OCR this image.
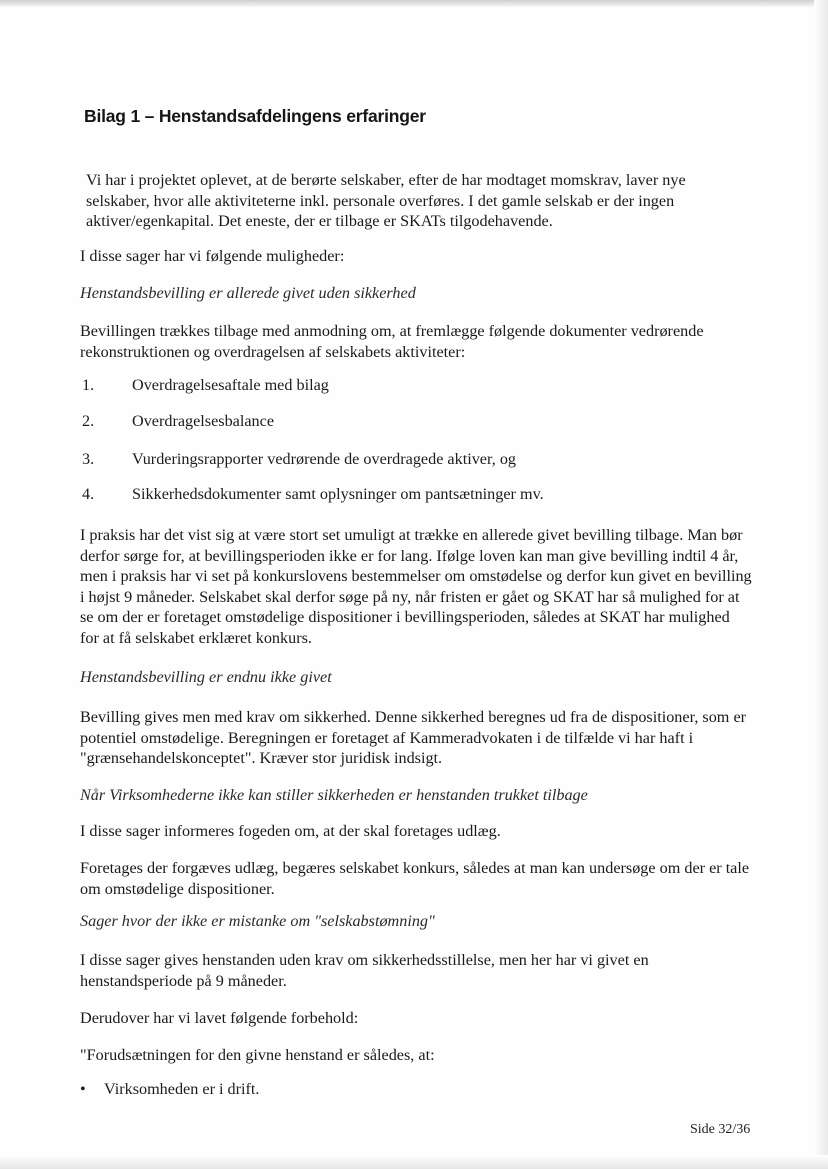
Bilag 1 – Henstandsafdelingens erfaringer

Vi har i projektet oplevet, at de berørte selskaber, efter de har modtaget momskrav, laver nye selskaber, hvor alle aktiviteterne inkl. personale overføres. I det gamle selskab er der ingen aktiver/egenkapital. Det eneste, der er tilbage er SKATs tilgodehavende.

I disse sager har vi følgende muligheder:

Henstandsbevilling er allerede givet uden sikkerhed

Bevillingen trækkes tilbage med anmodning om, at fremlægge følgende dokumenter vedrørende rekonstruktionen og overdragelsen af selskabets aktiviteter:

1. Overdragelsesaftale med bilag
2. Overdragelsesbalance
3. Vurderingsrapporter vedrørende de overdragede aktiver, og
4. Sikkerhedsdokumenter samt oplysninger om pantsætninger mv.

I praksis har det vist sig at være stort set umuligt at trække en allerede givet bevilling tilbage. Man bør derfor sørge for, at bevillingsperioden ikke er for lang. Ifølge loven kan man give bevilling indtil 4 år, men i praksis har vi set på konkurslovens bestemmelser om omstødelse og derfor kun givet en bevilling i højst 9 måneder. Selskabet skal derfor søge på ny, når fristen er gået og SKAT har så mulighed for at se om der er foretaget omstødelige dispositioner i bevillingsperioden, således at SKAT har mulighed for at få selskabet erklæret konkurs.

Henstandsbevilling er endnu ikke givet

Bevilling gives men med krav om sikkerhed. Denne sikkerhed beregnes ud fra de dispositioner, som er potentiel omstødelige. Beregningen er foretaget af Kammeradvokaten i de tilfælde vi har haft i "grænsehandelskonceptet". Kræver stor juridisk indsigt.

Når Virksomhederne ikke kan stiller sikkerheden er henstanden trukket tilbage

I disse sager informeres fogeden om, at der skal foretages udlæg.

Foretages der forgæves udlæg, begæres selskabet konkurs, således at man kan undersøge om der er tale om omstødelige dispositioner.

Sager hvor der ikke er mistanke om "selskabstømning"

I disse sager gives henstanden uden krav om sikkerhedsstillelse, men her har vi givet en henstandsperiode på 9 måneder.

Derudover har vi lavet følgende forbehold:

"Forudsætningen for den givne henstand er således, at:

• Virksomheden er i drift.
Side 32/36
